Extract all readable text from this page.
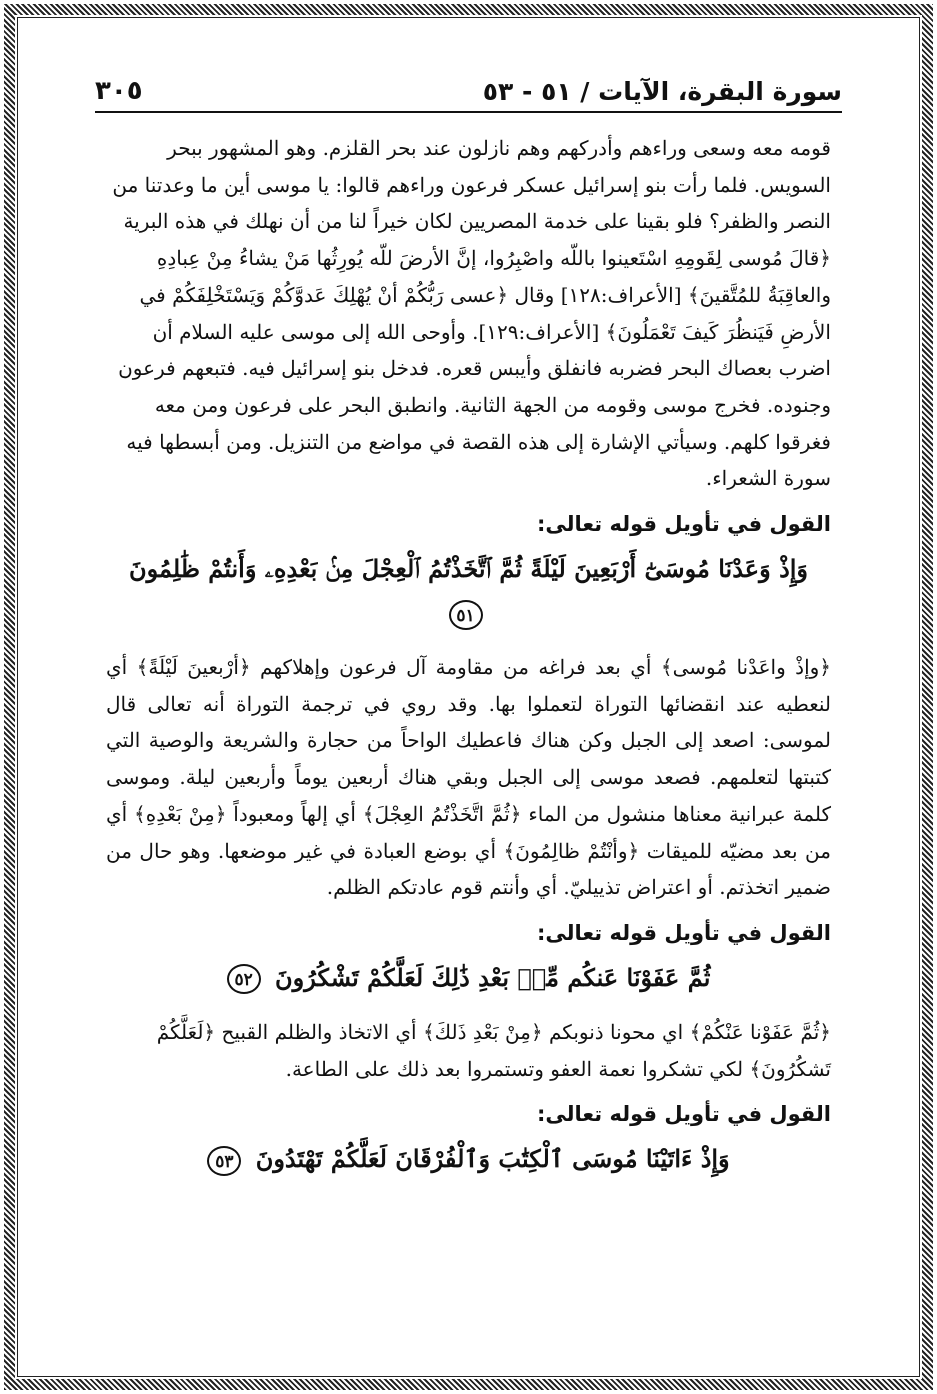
سورة البقرة، الآيات / ٥١ - ٥٣
٣٠٥

قومه معه وسعى وراءهم وأدركهم وهم نازلون عند بحر القلزم. وهو المشهور ببحر السويس. فلما رأت بنو إسرائيل عسكر فرعون وراءهم قالوا: يا موسى أين ما وعدتنا من النصر والظفر؟ فلو بقينا على خدمة المصريين لكان خيراً لنا من أن نهلك في هذه البرية ﴿قالَ مُوسى لِقَومِهِ اسْتَعينوا باللّه واصْبِرُوا، إنَّ الأرضَ للّه يُورِثُها مَنْ يشاءُ مِنْ عِبادِهِ والعاقِبَةُ للمُتَّقينَ﴾ [الأعراف:١٢٨] وقال ﴿عسى رَبُّكُمْ أنْ يُهْلِكَ عَدوَّكُمْ وَيَسْتَخْلِفَكُمْ في الأرضِ فَيَنظُرَ كَيفَ تَعْمَلُونَ﴾ [الأعراف:١٢٩]. وأوحى الله إلى موسى عليه السلام أن اضرب بعصاك البحر فضربه فانفلق وأيبس قعره. فدخل بنو إسرائيل فيه. فتبعهم فرعون وجنوده. فخرج موسى وقومه من الجهة الثانية. وانطبق البحر على فرعون ومن معه فغرقوا كلهم. وسيأتي الإشارة إلى هذه القصة في مواضع من التنزيل. ومن أبسطها فيه سورة الشعراء.

القول في تأويل قوله تعالى:
وَإِذْ وَعَدْنَا مُوسَىٰٓ أَرْبَعِينَ لَيْلَةً ثُمَّ ٱتَّخَذْتُمُ ٱلْعِجْلَ مِنۢ بَعْدِهِۦ وَأَنتُمْ ظَٰلِمُونَ ٥١

﴿وإذْ واعَدْنا مُوسى﴾ أي بعد فراغه من مقاومة آل فرعون وإهلاكهم ﴿أرْبعينَ لَيْلَةً﴾ أي لنعطيه عند انقضائها التوراة لتعملوا بها. وقد روي في ترجمة التوراة أنه تعالى قال لموسى: اصعد إلى الجبل وكن هناك فاعطيك الواحاً من حجارة والشريعة والوصية التي كتبتها لتعلمهم. فصعد موسى إلى الجبل وبقي هناك أربعين يوماً وأربعين ليلة. وموسى كلمة عبرانية معناها منشول من الماء ﴿ثُمَّ اتَّخَذْتُمُ العِجْلَ﴾ أي إلهاً ومعبوداً ﴿مِنْ بَعْدِهِ﴾ أي من بعد مضيّه للميقات ﴿وأنْتُمْ ظالِمُونَ﴾ أي بوضع العبادة في غير موضعها. وهو حال من ضمير اتخذتم. أو اعتراض تذييليّ. أي وأنتم قوم عادتكم الظلم.

القول في تأويل قوله تعالى:
ثُمَّ عَفَوْنَا عَنكُم مِّنۢ بَعْدِ ذَٰلِكَ لَعَلَّكُمْ تَشْكُرُونَ ٥٢

﴿ثُمَّ عَفَوْنا عَنْكُمْ﴾ اي محونا ذنوبكم ﴿مِنْ بَعْدِ ذَلكَ﴾ أي الاتخاذ والظلم القبيح ﴿لَعَلَّكُمْ تَشكُرُونَ﴾ لكي تشكروا نعمة العفو وتستمروا بعد ذلك على الطاعة.

القول في تأويل قوله تعالى:
وَإِذْ ءَاتَيْنَا مُوسَى ٱلْكِتَٰبَ وَٱلْفُرْقَانَ لَعَلَّكُمْ تَهْتَدُونَ ٥٣
